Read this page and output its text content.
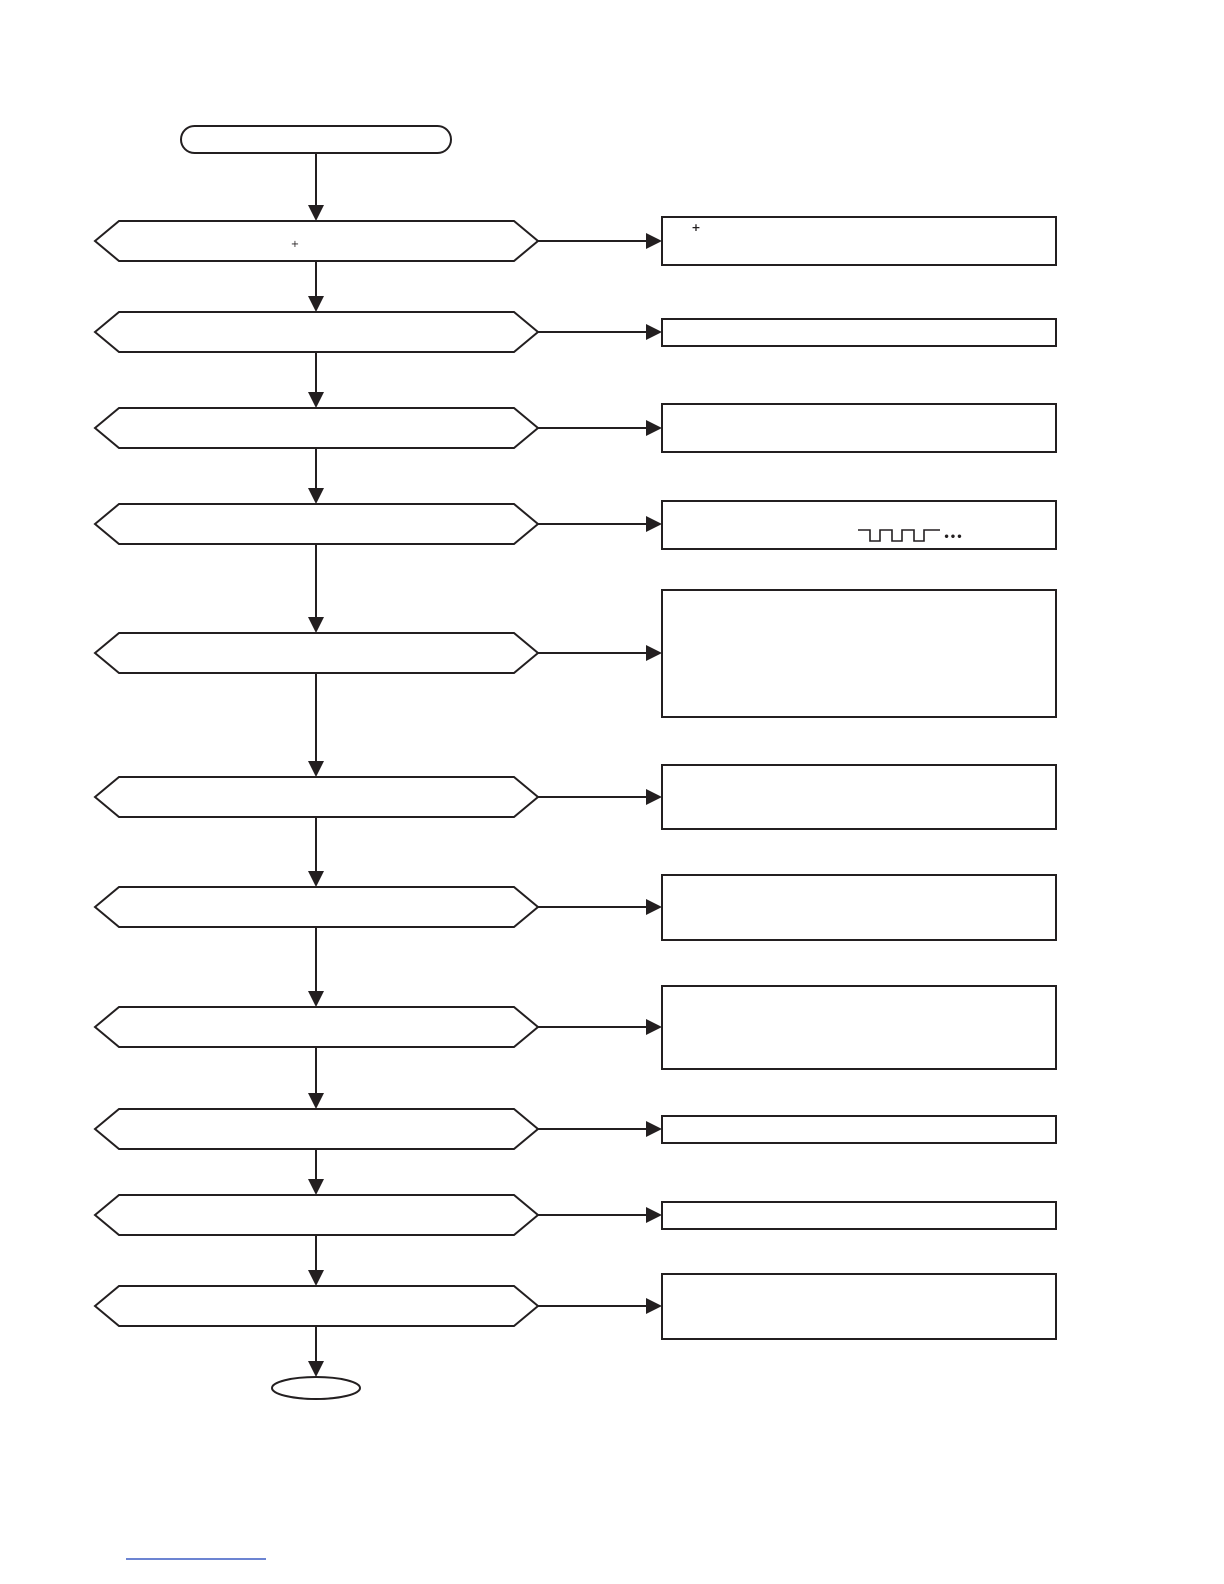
+
+
•••
